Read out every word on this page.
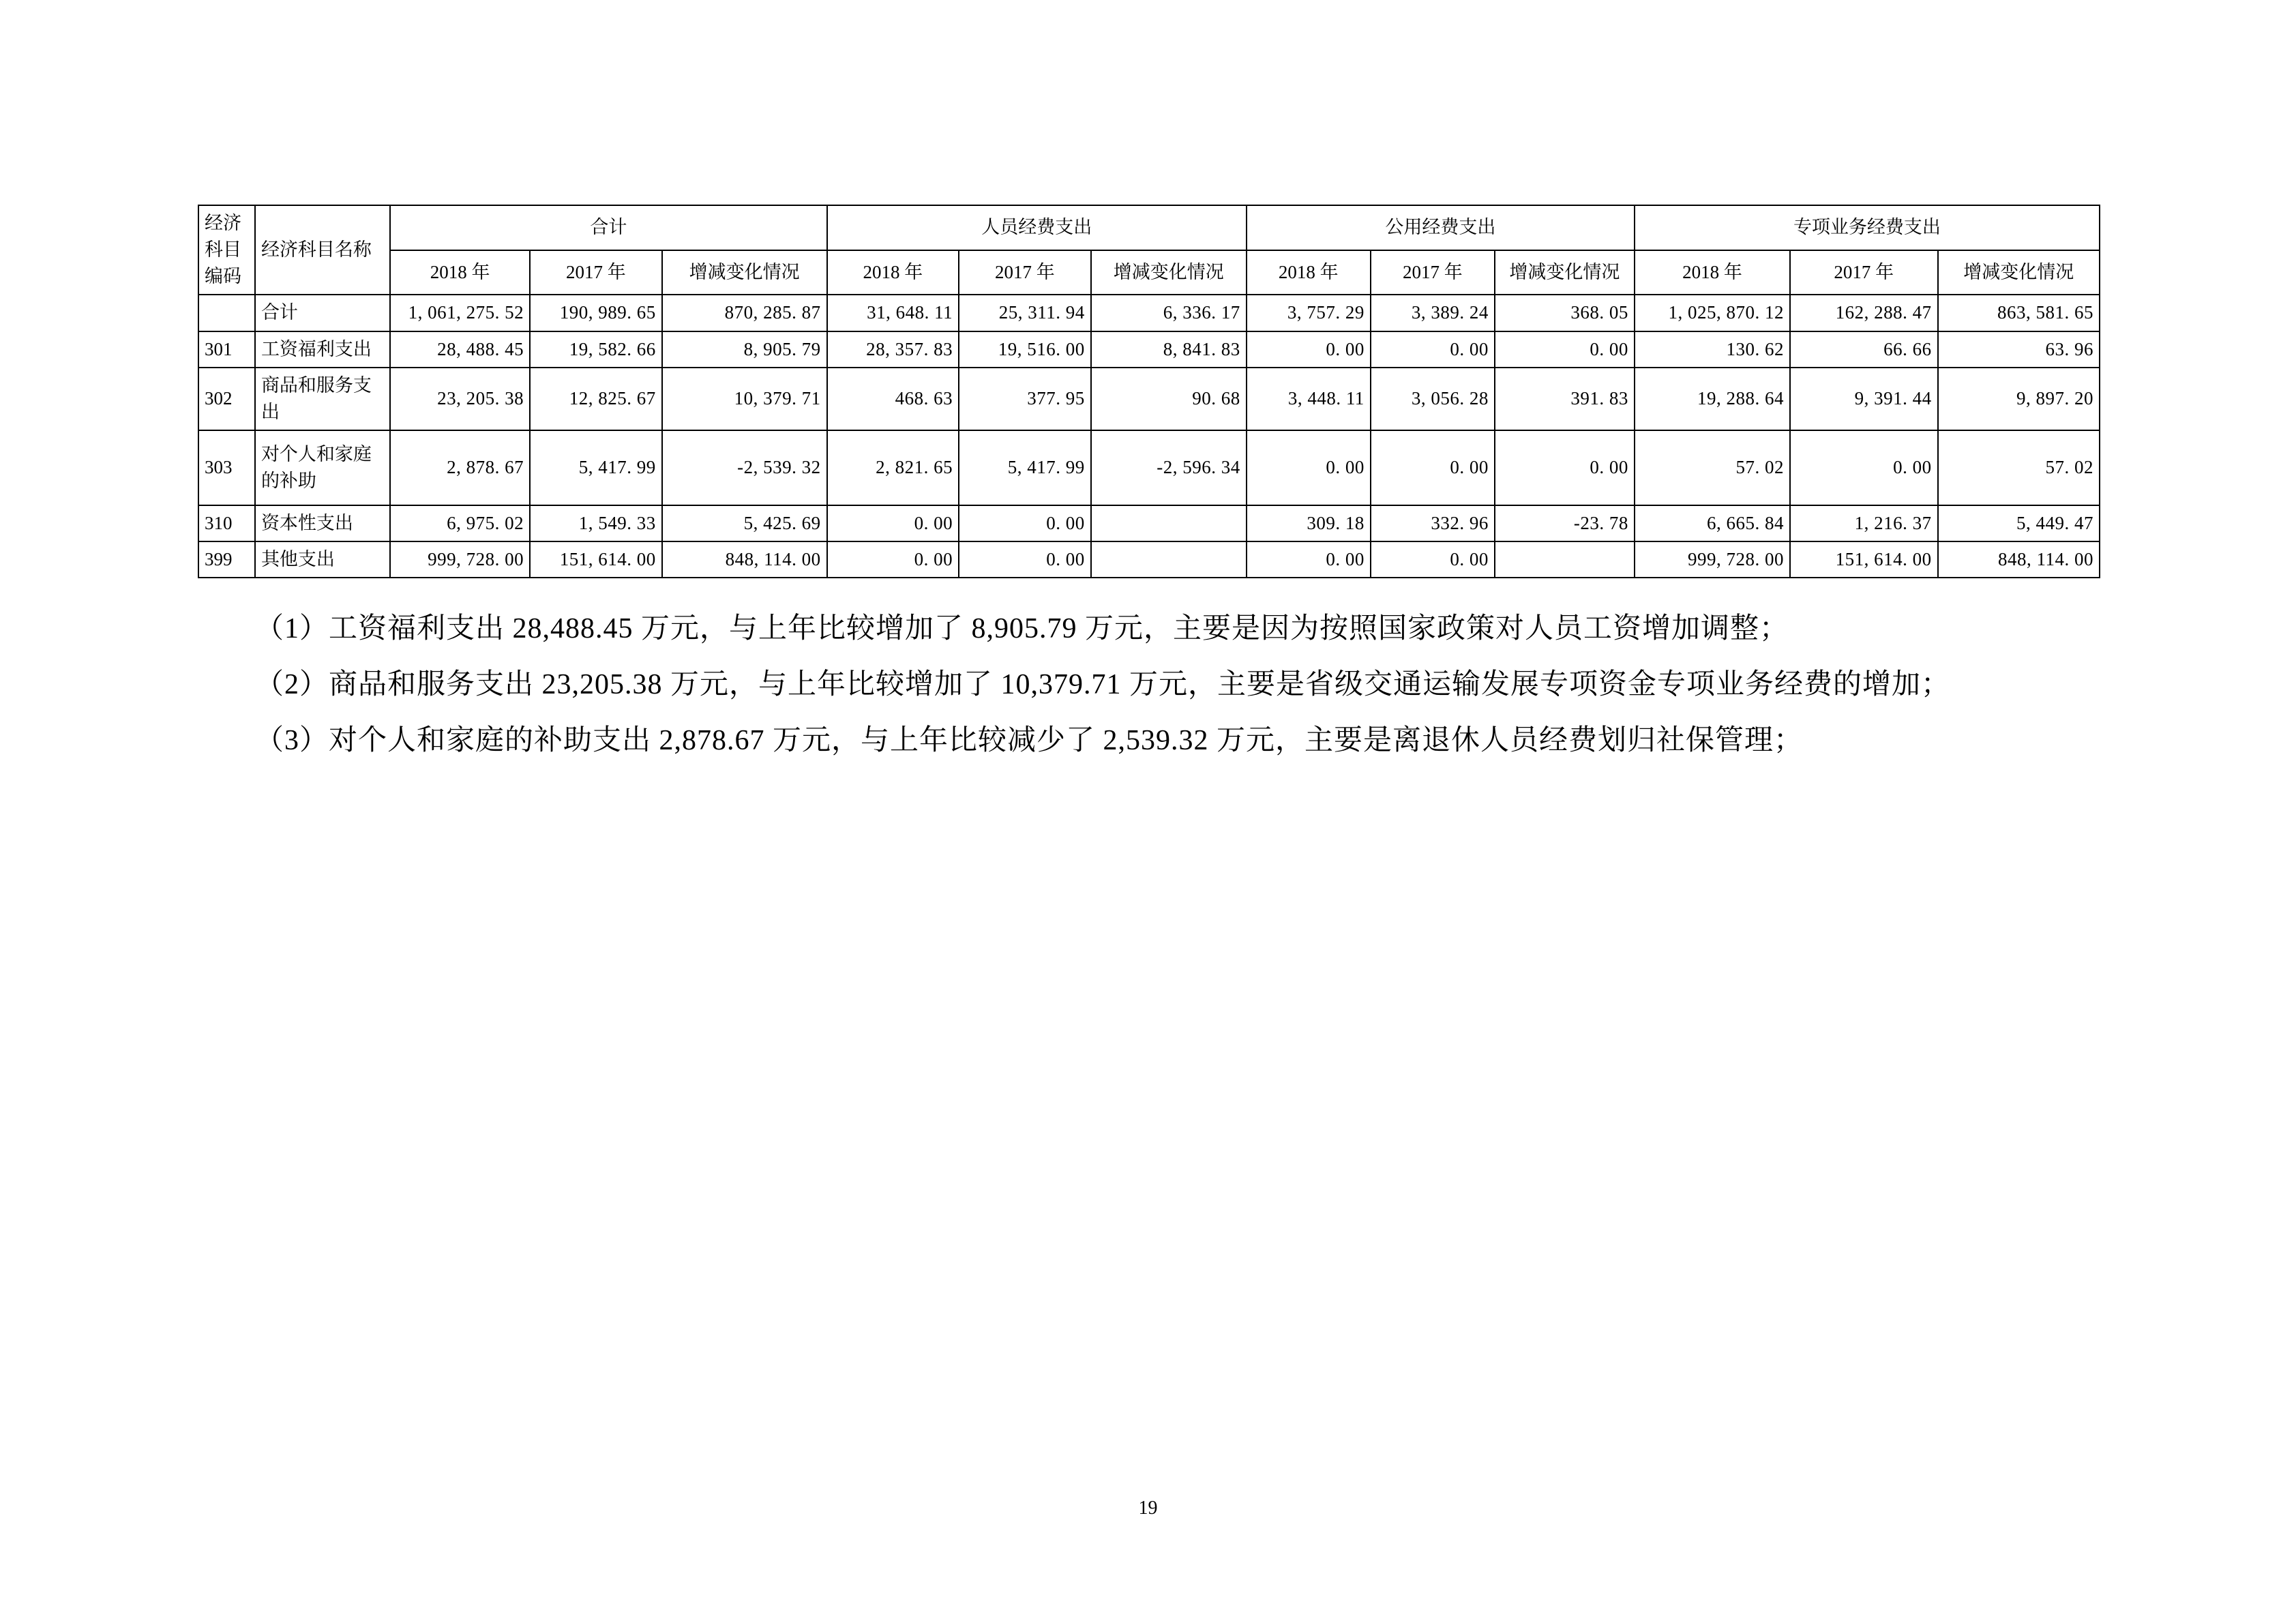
经济科目编码	经济科目名称	合计			人员经费支出			公用经费支出			专项业务经费支出		
		2018 年	2017 年	增减变化情况	2018 年	2017 年	增减变化情况	2018 年	2017 年	增减变化情况	2018 年	2017 年	增减变化情况
	合计	1, 061, 275. 52	190, 989. 65	870, 285. 87	31, 648. 11	25, 311. 94	6, 336. 17	3, 757. 29	3, 389. 24	368. 05	1, 025, 870. 12	162, 288. 47	863, 581. 65
301	工资福利支出	28, 488. 45	19, 582. 66	8, 905. 79	28, 357. 83	19, 516. 00	8, 841. 83	0. 00	0. 00	0. 00	130. 62	66. 66	63. 96
302	商品和服务支出	23, 205. 38	12, 825. 67	10, 379. 71	468. 63	377. 95	90. 68	3, 448. 11	3, 056. 28	391. 83	19, 288. 64	9, 391. 44	9, 897. 20
303	对个人和家庭的补助	2, 878. 67	5, 417. 99	-2, 539. 32	2, 821. 65	5, 417. 99	-2, 596. 34	0. 00	0. 00	0. 00	57. 02	0. 00	57. 02
310	资本性支出	6, 975. 02	1, 549. 33	5, 425. 69	0. 00	0. 00		309. 18	332. 96	-23. 78	6, 665. 84	1, 216. 37	5, 449. 47
399	其他支出	999, 728. 00	151, 614. 00	848, 114. 00	0. 00	0. 00		0. 00	0. 00		999, 728. 00	151, 614. 00	848, 114. 00

（1）工资福利支出 28,488.45 万元，与上年比较增加了 8,905.79 万元，主要是因为按照国家政策对人员工资增加调整；

（2）商品和服务支出 23,205.38 万元，与上年比较增加了 10,379.71 万元，主要是省级交通运输发展专项资金专项业务经费的增加；

（3）对个人和家庭的补助支出 2,878.67 万元，与上年比较减少了 2,539.32 万元，主要是离退休人员经费划归社保管理；

19
